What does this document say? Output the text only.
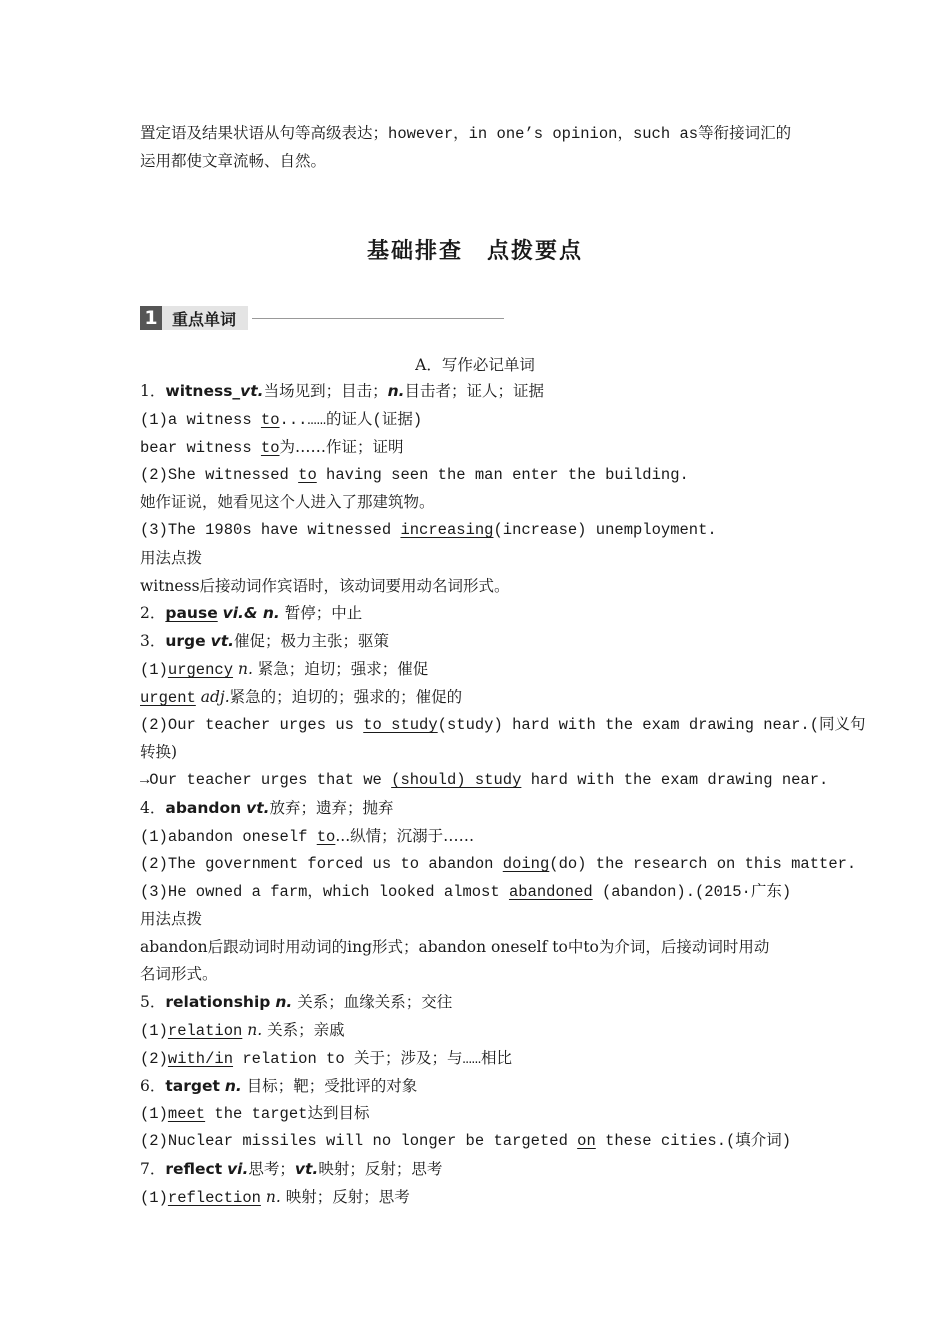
置定语及结果状语从句等高级表达；however，in one’s opinion，such as等衔接词汇的
运用都使文章流畅、自然。
基础排查 点拨要点
1 重点单词
A．写作必记单词
1．witness_vt.当场见到；目击；n.目击者；证人；证据
(1)a witness to...……的证人(证据)
bear witness to为……作证；证明
(2)She witnessed to having seen the man enter the building.
她作证说，她看见这个人进入了那建筑物。
(3)The 1980s have witnessed increasing(increase) unemployment.
用法点拨
witness后接动词作宾语时，该动词要用动名词形式。
2．pause vi.& n. 暂停；中止
3．urge vt.催促；极力主张；驱策
(1)urgency n. 紧急；迫切；强求；催促
urgent adj.紧急的；迫切的；强求的；催促的
(2)Our teacher urges us to study(study) hard with the exam drawing near.(同义句
转换)
→Our teacher urges that we (should) study hard with the exam drawing near.
4．abandon vt.放弃；遗弃；抛弃
(1)abandon oneself to...纵情；沉溺于……
(2)The government forced us to abandon doing(do) the research on this matter.
(3)He owned a farm，which looked almost abandoned (abandon).(2015·广东)
用法点拨
abandon后跟动词时用动词的ing形式；abandon oneself to中to为介词，后接动词时用动
名词形式。
5．relationship n. 关系；血缘关系；交往
(1)relation n. 关系；亲戚
(2)with/in relation to 关于；涉及；与……相比
6．target n. 目标；靶；受批评的对象
(1)meet the target达到目标
(2)Nuclear missiles will no longer be targeted on these cities.(填介词)
7．reflect vi.思考；vt.映射；反射；思考
(1)reflection n. 映射；反射；思考
